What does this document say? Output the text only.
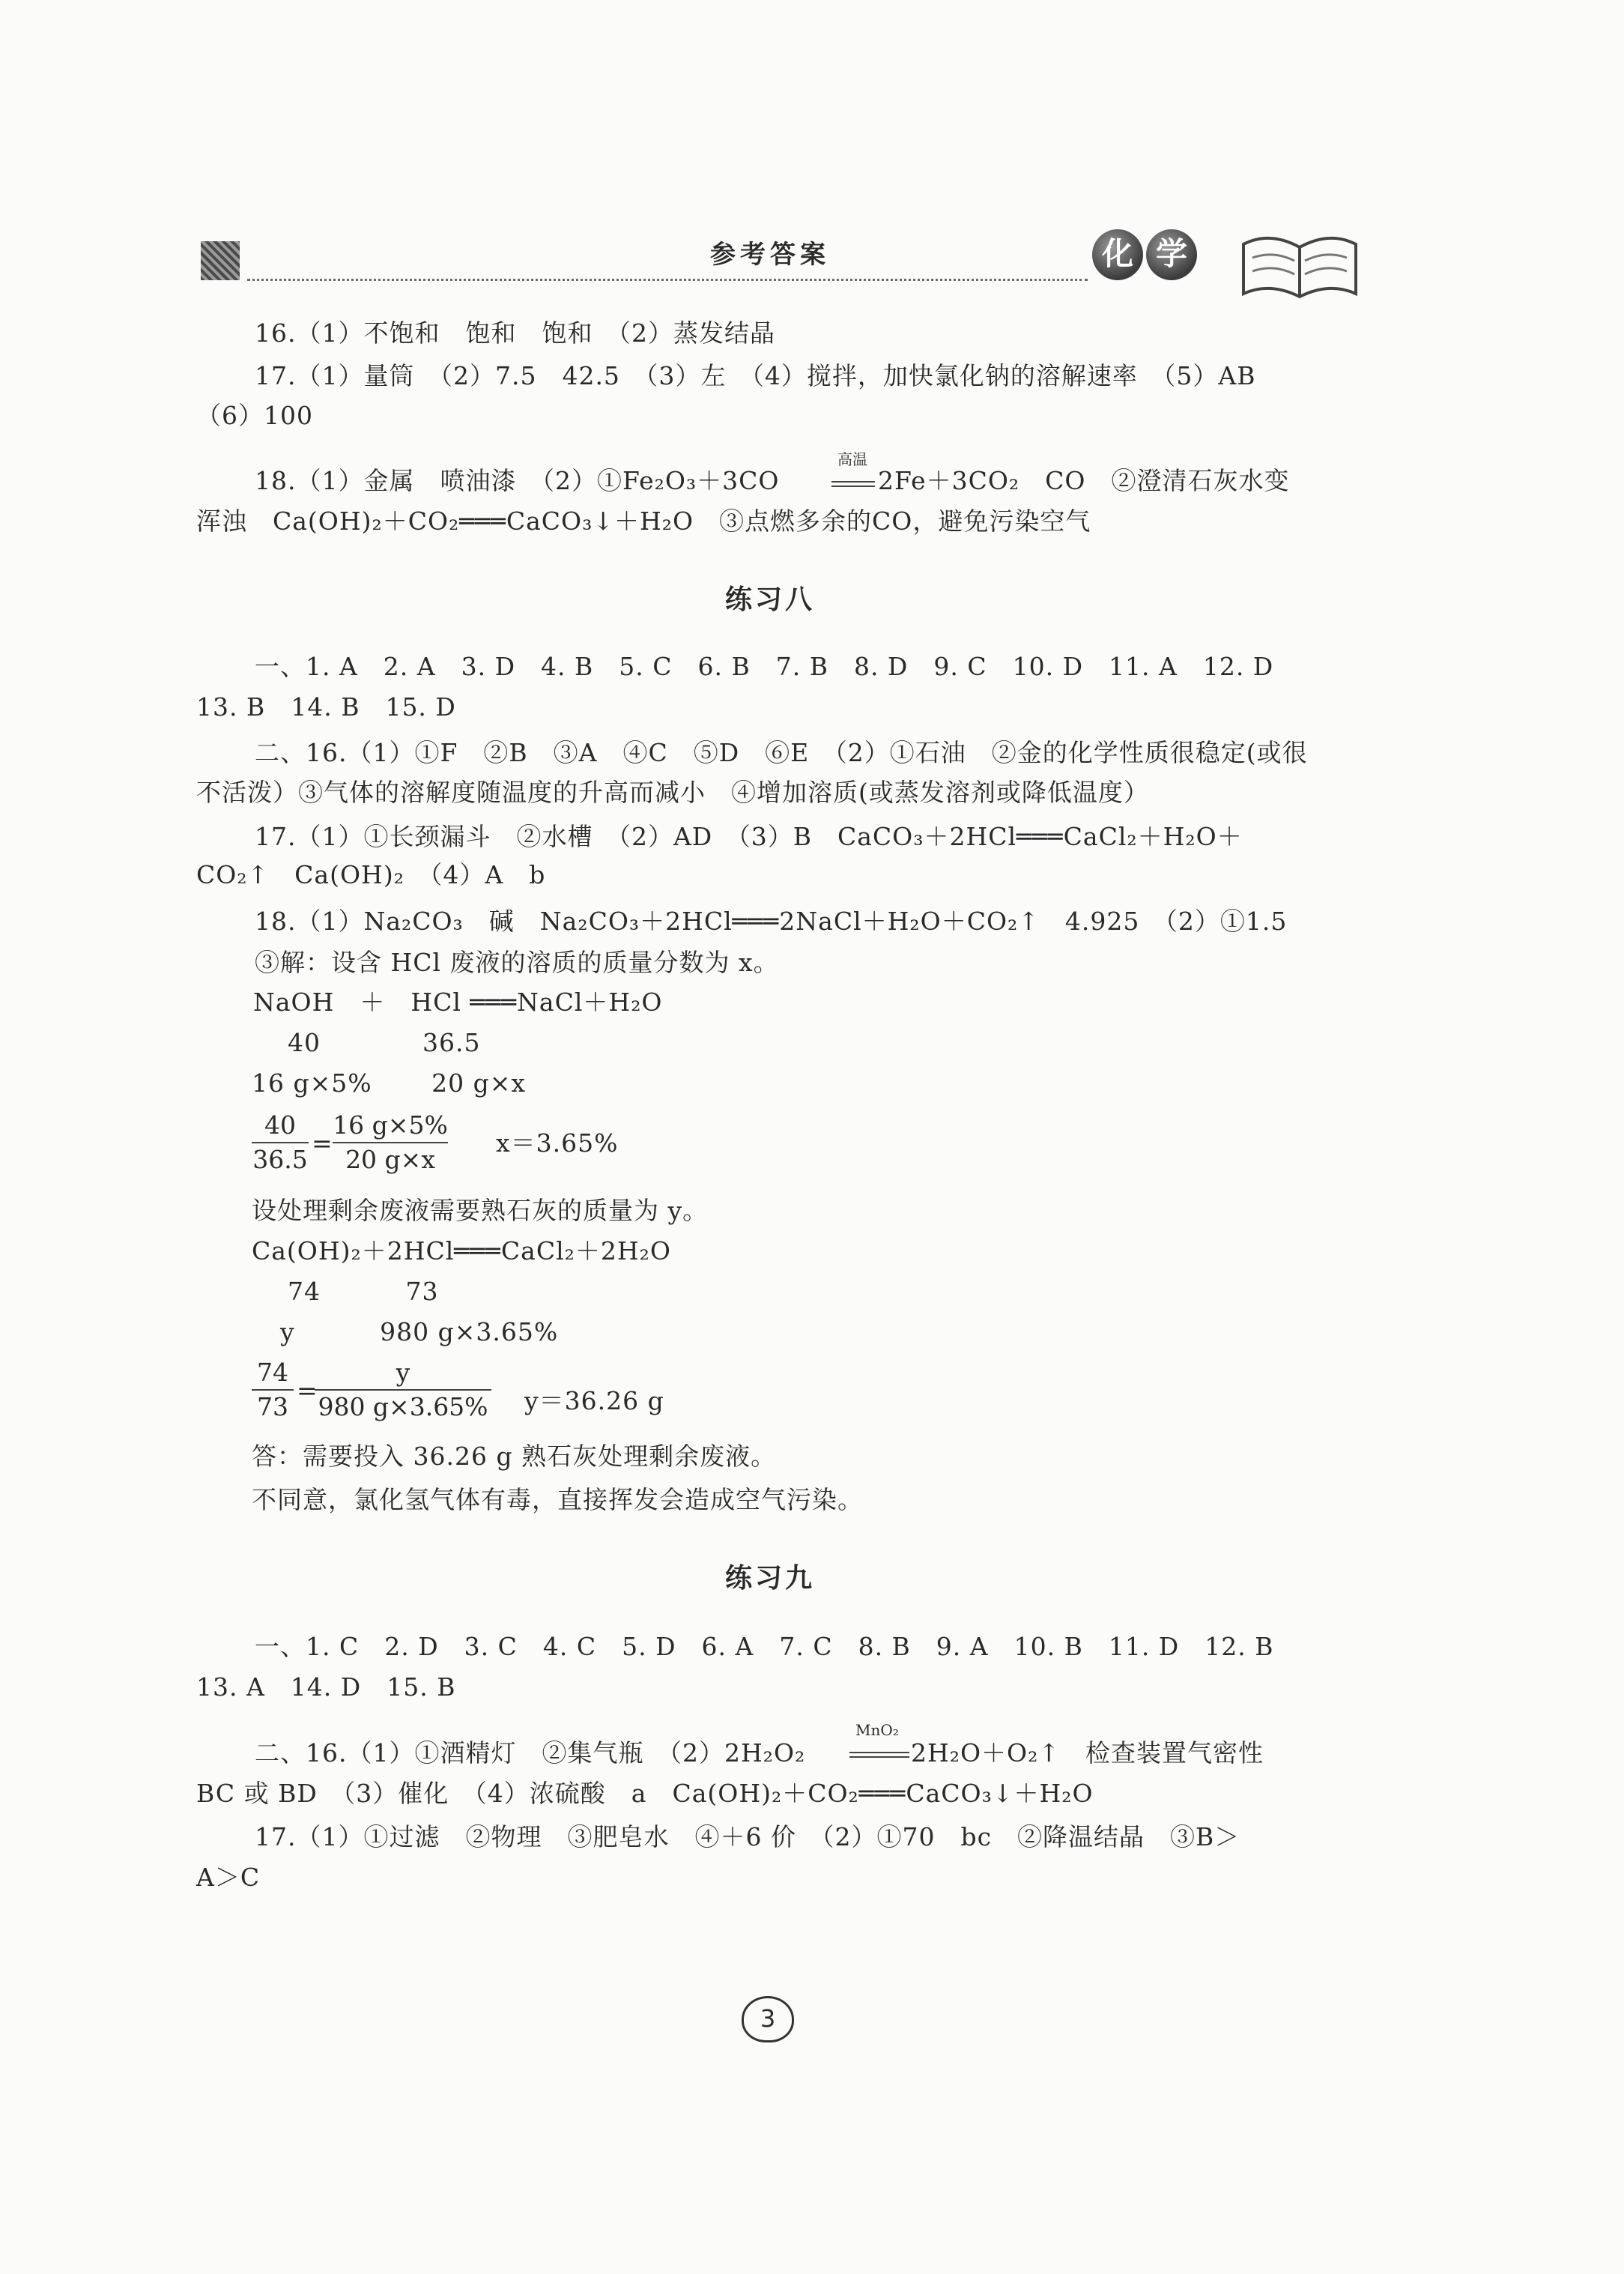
参考答案	化 学
16.（1）不饱和　饱和　饱和　（2）蒸发结晶
17.（1）量筒　（2）7.5　42.5　（3）左　（4）搅拌，加快氯化钠的溶解速率　（5）AB
（6）100
18.（1）金属　喷油漆　（2）①Fe₂O₃＋3CO
高温
2Fe＋3CO₂　CO　②澄清石灰水变
浑浊　Ca(OH)₂＋CO₂═══CaCO₃↓＋H₂O　③点燃多余的CO，避免污染空气
练习八
一、1. A　2. A　3. D　4. B　5. C　6. B　7. B　8. D　9. C　10. D　11. A　12. D
13. B　14. B　15. D
二、16.（1）①F　②B　③A　④C　⑤D　⑥E　（2）①石油　②金的化学性质很稳定(或很
不活泼）③气体的溶解度随温度的升高而减小　④增加溶质(或蒸发溶剂或降低温度）
17.（1）①长颈漏斗　②水槽　（2）AD　（3）B　CaCO₃＋2HCl═══CaCl₂＋H₂O＋
CO₂↑　Ca(OH)₂　（4）A　b
18.（1）Na₂CO₃　碱　Na₂CO₃＋2HCl═══2NaCl＋H₂O＋CO₂↑　4.925　（2）①1.5
③解：设含 HCl 废液的溶质的质量分数为 x。
NaOH　＋　HCl ═══NaCl＋H₂O
40　　　　36.5
16 g×5%　　 20 g×x
40
36.5
=
16 g×5%
20 g×x
x＝3.65%
设处理剩余废液需要熟石灰的质量为 y。
Ca(OH)₂＋2HCl═══CaCl₂＋2H₂O
74　　　 73
y　　　 980 g×3.65%
74
73
=
y
980 g×3.65% y＝36.26 g
答：需要投入 36.26 g 熟石灰处理剩余废液。
不同意，氯化氢气体有毒，直接挥发会造成空气污染。
练习九
一、1. C　2. D　3. C　4. C　5. D　6. A　7. C　8. B　9. A　10. B　11. D　12. B
13. A　14. D　15. B
二、16.（1）①酒精灯　②集气瓶　（2）2H₂O₂
MnO₂
2H₂O＋O₂↑　检查装置气密性
BC 或 BD　（3）催化　（4）浓硫酸　a　Ca(OH)₂＋CO₂═══CaCO₃↓＋H₂O
17.（1）①过滤　②物理　③肥皂水　④＋6 价　（2）①70　bc　②降温结晶　③B＞
A＞C
3
